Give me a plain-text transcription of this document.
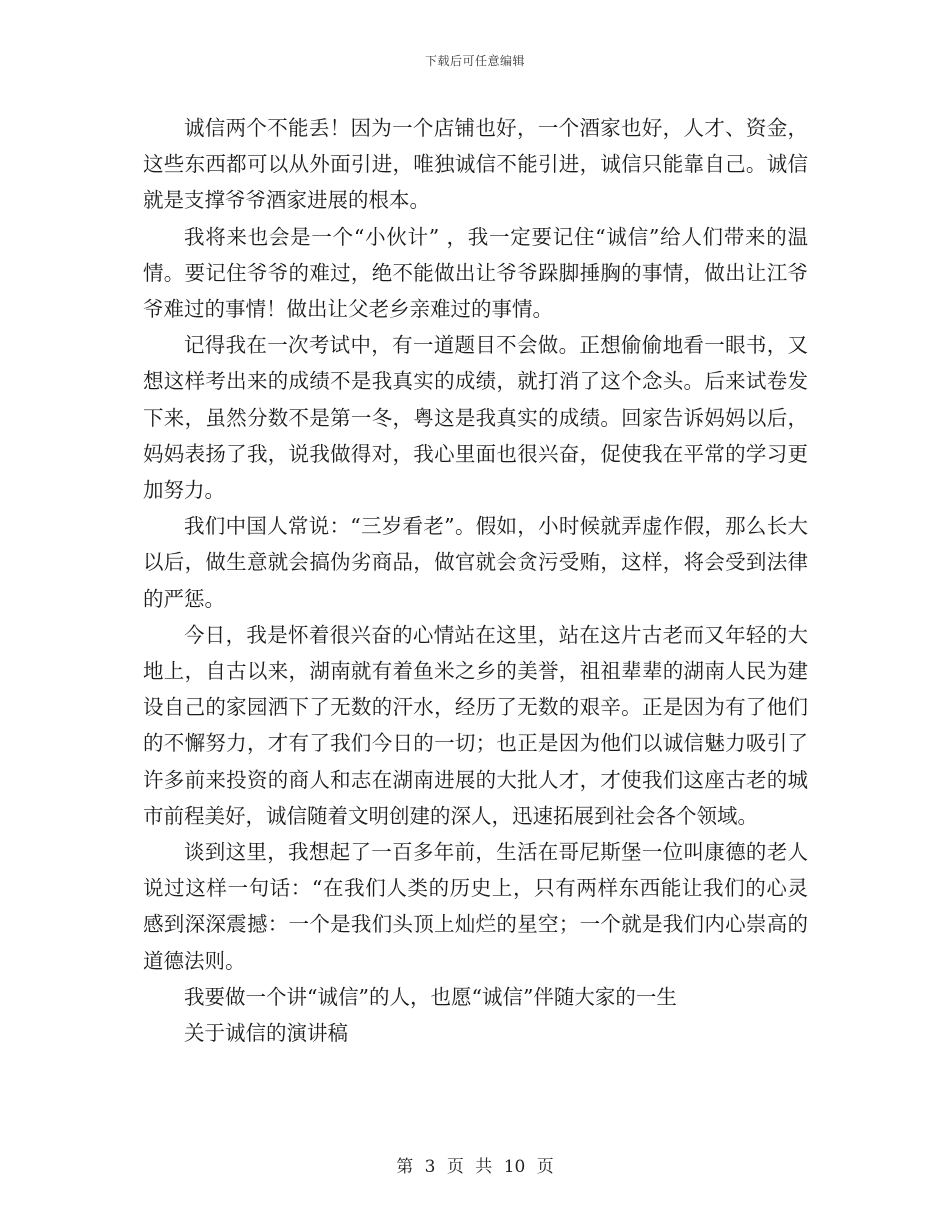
下载后可任意编辑

诚信两个不能丢！因为一个店铺也好，一个酒家也好，人才、资金，这些东西都可以从外面引进，唯独诚信不能引进，诚信只能靠自己。诚信就是支撑爷爷酒家进展的根本。

我将来也会是一个“小伙计” ，我一定要记住“诚信”给人们带来的温情。要记住爷爷的难过，绝不能做出让爷爷跺脚捶胸的事情，做出让江爷爷难过的事情！做出让父老乡亲难过的事情。

记得我在一次考试中，有一道题目不会做。正想偷偷地看一眼书，又想这样考出来的成绩不是我真实的成绩，就打消了这个念头。后来试卷发下来，虽然分数不是第一冬，粤这是我真实的成绩。回家告诉妈妈以后，妈妈表扬了我，说我做得对，我心里面也很兴奋，促使我在平常的学习更加努力。

我们中国人常说：“三岁看老”。假如，小时候就弄虚作假，那么长大以后，做生意就会搞伪劣商品，做官就会贪污受贿，这样，将会受到法律的严惩。

今日，我是怀着很兴奋的心情站在这里，站在这片古老而又年轻的大地上，自古以来，湖南就有着鱼米之乡的美誉，祖祖辈辈的湖南人民为建设自己的家园洒下了无数的汗水，经历了无数的艰辛。正是因为有了他们的不懈努力，才有了我们今日的一切；也正是因为他们以诚信魅力吸引了许多前来投资的商人和志在湖南进展的大批人才，才使我们这座古老的城市前程美好，诚信随着文明创建的深人，迅速拓展到社会各个领域。

谈到这里，我想起了一百多年前，生活在哥尼斯堡一位叫康德的老人说过这样一句话：“在我们人类的历史上，只有两样东西能让我们的心灵感到深深震撼：一个是我们头顶上灿烂的星空；一个就是我们内心崇高的道德法则。

我要做一个讲“诚信”的人，也愿“诚信”伴随大家的一生

关于诚信的演讲稿

第 3 页 共 10 页
